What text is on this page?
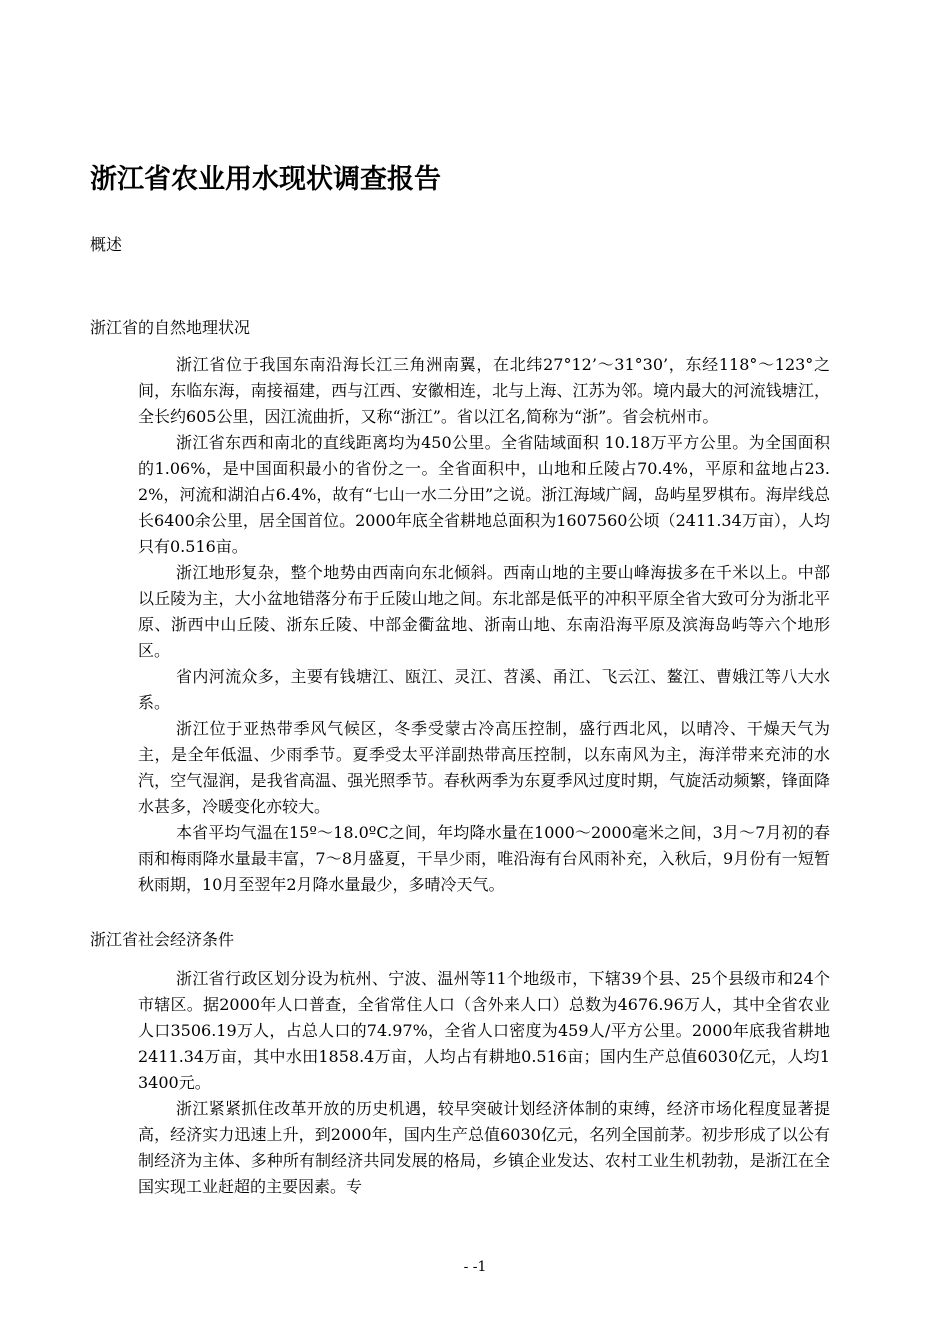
浙江省农业用水现状调查报告
概述
浙江省的自然地理状况

浙江省位于我国东南沿海长江三角洲南翼，在北纬27°12’～31°30’，东经118°～123°之间，东临东海，南接福建，西与江西、安徽相连，北与上海、江苏为邻。境内最大的河流钱塘江，全长约605公里，因江流曲折，又称“浙江”。省以江名,简称为“浙”。省会杭州市。

浙江省东西和南北的直线距离均为450公里。全省陆域面积 10.18万平方公里。为全国面积的1.06%，是中国面积最小的省份之一。全省面积中，山地和丘陵占70.4%，平原和盆地占23.2%，河流和湖泊占6.4%，故有“七山一水二分田”之说。浙江海域广阔，岛屿星罗棋布。海岸线总长6400余公里，居全国首位。2000年底全省耕地总面积为1607560公顷（2411.34万亩），人均只有0.516亩。

浙江地形复杂，整个地势由西南向东北倾斜。西南山地的主要山峰海拔多在千米以上。中部以丘陵为主，大小盆地错落分布于丘陵山地之间。东北部是低平的冲积平原全省大致可分为浙北平原、浙西中山丘陵、浙东丘陵、中部金衢盆地、浙南山地、东南沿海平原及滨海岛屿等六个地形区。

省内河流众多，主要有钱塘江、瓯江、灵江、苕溪、甬江、飞云江、鳌江、曹娥江等八大水系。

浙江位于亚热带季风气候区，冬季受蒙古冷高压控制，盛行西北风，以晴冷、干燥天气为主，是全年低温、少雨季节。夏季受太平洋副热带高压控制，以东南风为主，海洋带来充沛的水汽，空气湿润，是我省高温、强光照季节。春秋两季为东夏季风过度时期，气旋活动频繁，锋面降水甚多，冷暖变化亦较大。

本省平均气温在15º～18.0ºC之间，年均降水量在1000～2000毫米之间，3月～7月初的春雨和梅雨降水量最丰富，7～8月盛夏，干旱少雨，唯沿海有台风雨补充，入秋后，9月份有一短暂秋雨期，10月至翌年2月降水量最少，多晴冷天气。

浙江省社会经济条件

浙江省行政区划分设为杭州、宁波、温州等11个地级市，下辖39个县、25个县级市和24个市辖区。据2000年人口普查，全省常住人口（含外来人口）总数为4676.96万人，其中全省农业人口3506.19万人，占总人口的74.97%，全省人口密度为459人/平方公里。2000年底我省耕地2411.34万亩，其中水田1858.4万亩，人均占有耕地0.516亩；国内生产总值6030亿元，人均13400元。

浙江紧紧抓住改革开放的历史机遇，较早突破计划经济体制的束缚，经济市场化程度显著提高，经济实力迅速上升，到2000年，国内生产总值6030亿元，名列全国前茅。初步形成了以公有制经济为主体、多种所有制经济共同发展的格局，乡镇企业发达、农村工业生机勃勃，是浙江在全国实现工业赶超的主要因素。专

- -1
